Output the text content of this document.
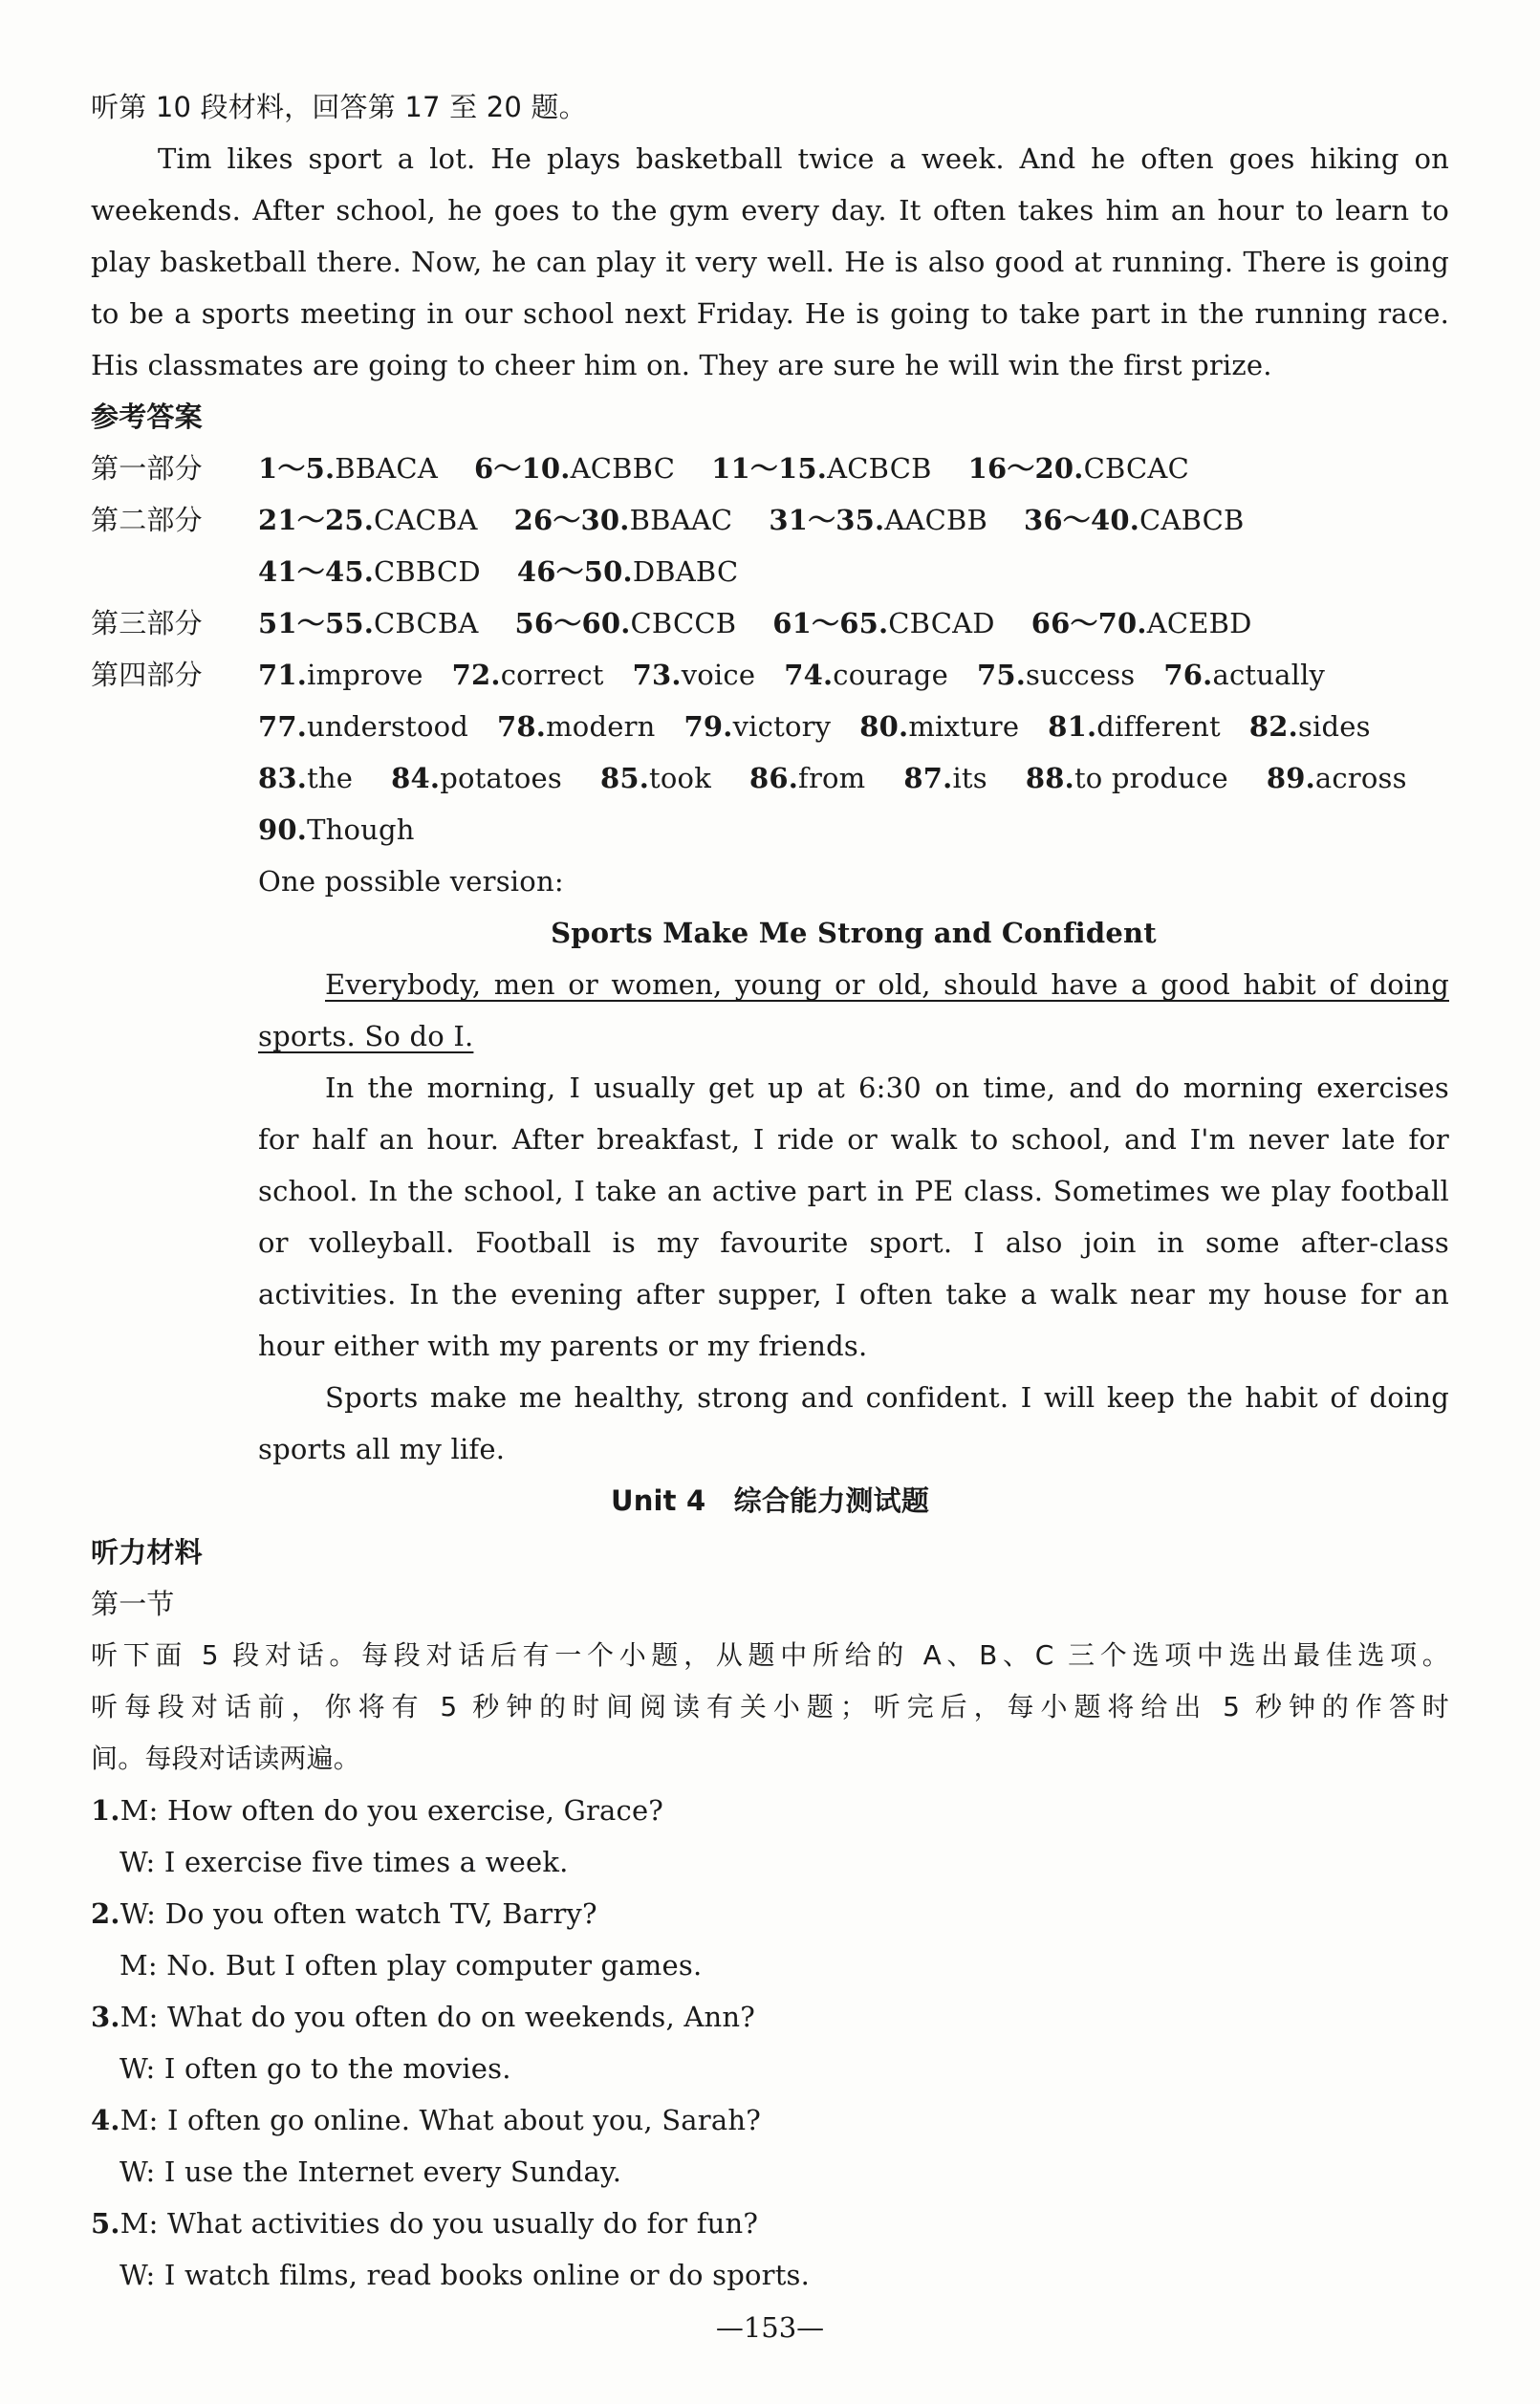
听第 10 段材料，回答第 17 至 20 题。
Tim likes sport a lot. He plays basketball twice a week. And he often goes hiking on
weekends. After school, he goes to the gym every day. It often takes him an hour to learn to
play basketball there. Now, he can play it very well. He is also good at running. There is going
to be a sports meeting in our school next Friday. He is going to take part in the running race.
His classmates are going to cheer him on. They are sure he will win the first prize.
参考答案
第一部分	1～5.BBACA 6～10.ACBBC 11～15.ACBCB 16～20.CBCAC
第二部分	21～25.CACBA 26～30.BBAAC 31～35.AACBB 36～40.CABCB
41～45.CBBCD 46～50.DBABC
第三部分	51～55.CBCBA 56～60.CBCCB 61～65.CBCAD 66～70.ACEBD
第四部分	71.improve 72.correct 73.voice 74.courage 75.success 76.actually
77.understood 78.modern 79.victory 80.mixture 81.different 82.sides
83.the 84.potatoes 85.took 86.from 87.its 88.to produce 89.across
90.Though
One possible version:
Sports Make Me Strong and Confident
Everybody, men or women, young or old, should have a good habit of doing
sports. So do I.
In the morning, I usually get up at 6:30 on time, and do morning exercises
for half an hour. After breakfast, I ride or walk to school, and I'm never late for
school. In the school, I take an active part in PE class. Sometimes we play football
or volleyball. Football is my favourite sport. I also join in some after-class
activities. In the evening after supper, I often take a walk near my house for an
hour either with my parents or my friends.
Sports make me healthy, strong and confident. I will keep the habit of doing
sports all my life.
Unit 4　综合能力测试题
听力材料
第一节
听下面 5 段对话。每段对话后有一个小题，从题中所给的 A、B、C 三个选项中选出最佳选项。
听每段对话前，你将有 5 秒钟的时间阅读有关小题；听完后，每小题将给出 5 秒钟的作答时
间。每段对话读两遍。
1.M: How often do you exercise, Grace?
W: I exercise five times a week.
2.W: Do you often watch TV, Barry?
M: No. But I often play computer games.
3.M: What do you often do on weekends, Ann?
W: I often go to the movies.
4.M: I often go online. What about you, Sarah?
W: I use the Internet every Sunday.
5.M: What activities do you usually do for fun?
W: I watch films, read books online or do sports.
—153—
